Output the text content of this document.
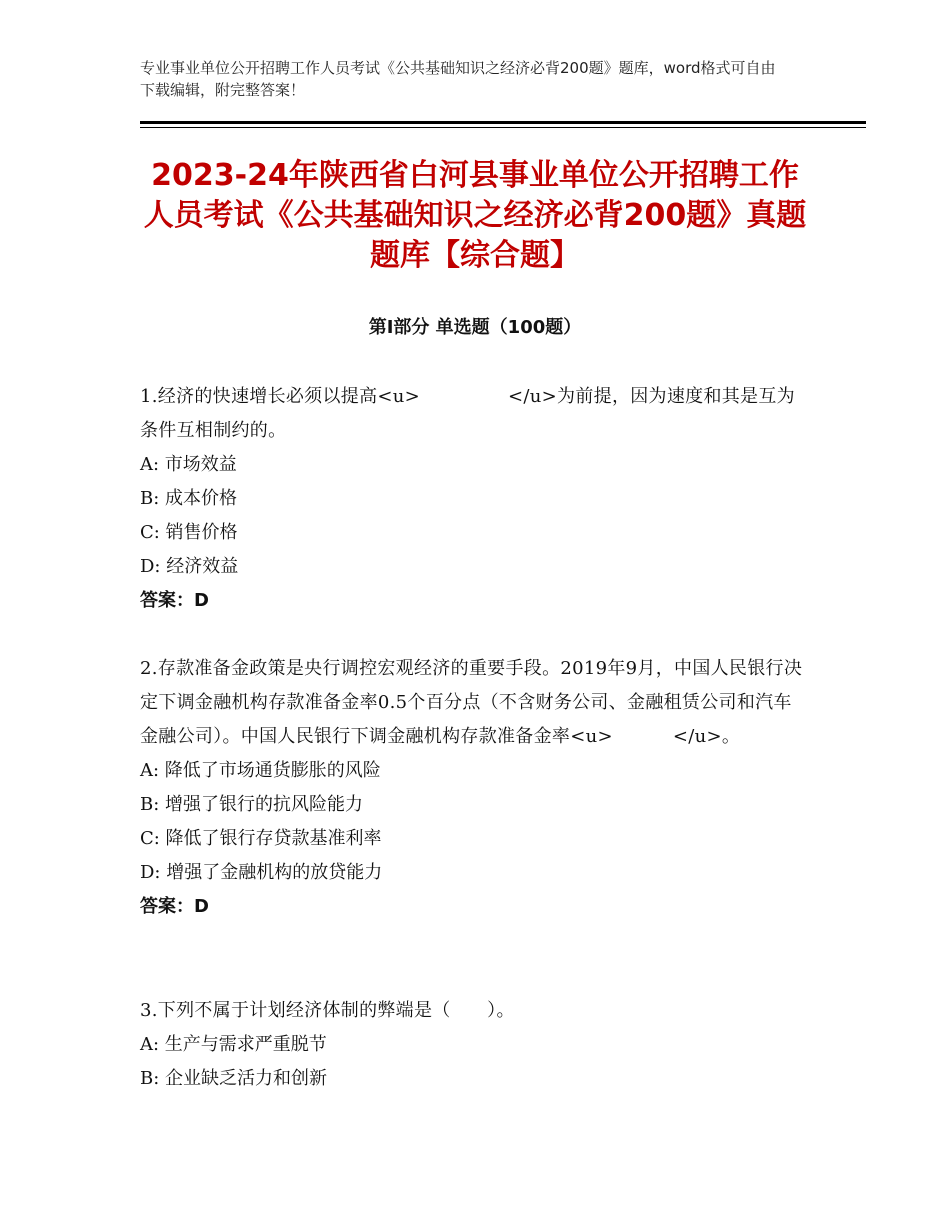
专业事业单位公开招聘工作人员考试《公共基础知识之经济必背200题》题库，word格式可自由下载编辑，附完整答案！
2023-24年陕西省白河县事业单位公开招聘工作人员考试《公共基础知识之经济必背200题》真题题库【综合题】
第I部分 单选题（100题）

1.经济的快速增长必须以提高<u>	</u>为前提，因为速度和其是互为条件互相制约的。

A: 市场效益

B: 成本价格

C: 销售价格

D: 经济效益

答案：D

2.存款准备金政策是央行调控宏观经济的重要手段。2019年9月，中国人民银行决定下调金融机构存款准备金率0.5个百分点（不含财务公司、金融租赁公司和汽车金融公司）。中国人民银行下调金融机构存款准备金率<u>	</u>。

A: 降低了市场通货膨胀的风险

B: 增强了银行的抗风险能力

C: 降低了银行存贷款基准利率

D: 增强了金融机构的放贷能力

答案：D

3.下列不属于计划经济体制的弊端是（　　）。

A: 生产与需求严重脱节

B: 企业缺乏活力和创新
